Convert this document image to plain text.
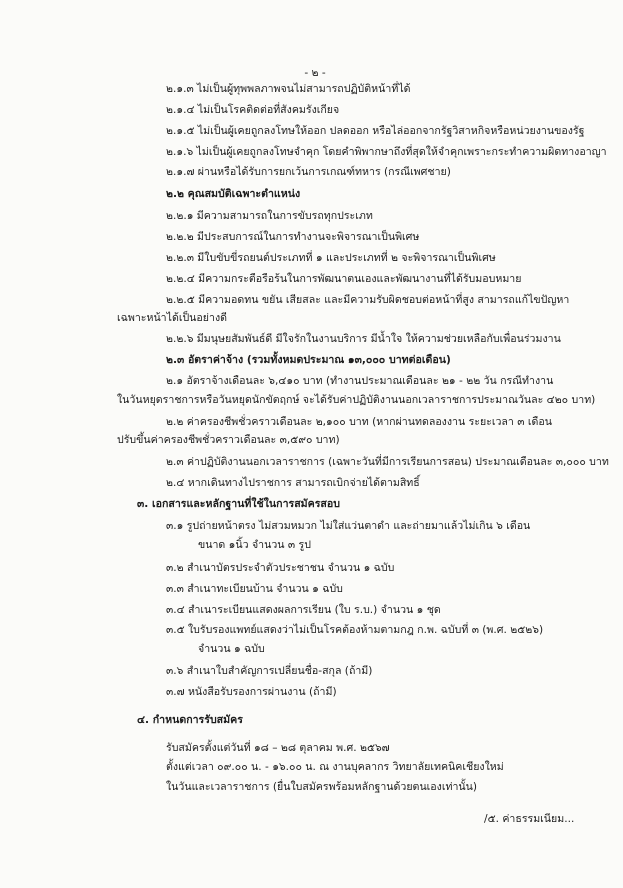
- ๒ -
๒.๑.๓ ไม่เป็นผู้ทุพพลภาพจนไม่สามารถปฏิบัติหน้าที่ได้
๒.๑.๔ ไม่เป็นโรคติดต่อที่สังคมรังเกียจ
๒.๑.๕ ไม่เป็นผู้เคยถูกลงโทษให้ออก ปลดออก หรือไล่ออกจากรัฐวิสาหกิจหรือหน่วยงานของรัฐ
๒.๑.๖ ไม่เป็นผู้เคยถูกลงโทษจำคุก โดยคำพิพากษาถึงที่สุดให้จำคุกเพราะกระทำความผิดทางอาญา
๒.๑.๗ ผ่านหรือได้รับการยกเว้นการเกณฑ์ทหาร (กรณีเพศชาย)
๒.๒ คุณสมบัติเฉพาะตำแหน่ง
๒.๒.๑ มีความสามารถในการขับรถทุกประเภท
๒.๒.๒ มีประสบการณ์ในการทำงานจะพิจารณาเป็นพิเศษ
๒.๒.๓ มีใบขับขี่รถยนต์ประเภทที่ ๑ และประเภทที่ ๒ จะพิจารณาเป็นพิเศษ
๒.๒.๔ มีความกระตือรือร้นในการพัฒนาตนเองและพัฒนางานที่ได้รับมอบหมาย
๒.๒.๕ มีความอดทน ขยัน เสียสละ และมีความรับผิดชอบต่อหน้าที่สูง สามารถแก้ไขปัญหา
เฉพาะหน้าได้เป็นอย่างดี
๒.๒.๖ มีมนุษยสัมพันธ์ดี มีใจรักในงานบริการ มีน้ำใจ ให้ความช่วยเหลือกับเพื่อนร่วมงาน
๒.๓ อัตราค่าจ้าง (รวมทั้งหมดประมาณ ๑๓,๐๐๐ บาทต่อเดือน)
๒.๑ อัตราจ้างเดือนละ ๖,๔๑๐ บาท (ทำงานประมาณเดือนละ ๒๑ - ๒๒ วัน กรณีทำงาน
ในวันหยุดราชการหรือวันหยุดนักขัตฤกษ์ จะได้รับค่าปฏิบัติงานนอกเวลาราชการประมาณวันละ ๔๒๐ บาท)
๒.๒ ค่าครองชีพชั่วคราวเดือนละ ๒,๑๐๐ บาท (หากผ่านทดลองงาน ระยะเวลา ๓ เดือน
ปรับขึ้นค่าครองชีพชั่วคราวเดือนละ ๓,๕๙๐ บาท)
๒.๓ ค่าปฏิบัติงานนอกเวลาราชการ (เฉพาะวันที่มีการเรียนการสอน) ประมาณเดือนละ ๓,๐๐๐ บาท
๒.๔ หากเดินทางไปราชการ สามารถเบิกจ่ายได้ตามสิทธิ์
๓. เอกสารและหลักฐานที่ใช้ในการสมัครสอบ
๓.๑ รูปถ่ายหน้าตรง ไม่สวมหมวก ไม่ใส่แว่นตาดำ และถ่ายมาแล้วไม่เกิน ๖ เดือน
ขนาด ๑นิ้ว จำนวน ๓ รูป
๓.๒ สำเนาบัตรประจำตัวประชาชน จำนวน ๑ ฉบับ
๓.๓ สำเนาทะเบียนบ้าน จำนวน ๑ ฉบับ
๓.๔ สำเนาระเบียนแสดงผลการเรียน (ใบ ร.บ.) จำนวน ๑ ชุด
๓.๕ ใบรับรองแพทย์แสดงว่าไม่เป็นโรคต้องห้ามตามกฎ ก.พ. ฉบับที่ ๓ (พ.ศ. ๒๕๒๖)
จำนวน ๑ ฉบับ
๓.๖ สำเนาใบสำคัญการเปลี่ยนชื่อ-สกุล (ถ้ามี)
๓.๗ หนังสือรับรองการผ่านงาน (ถ้ามี)
๔. กำหนดการรับสมัคร
รับสมัครตั้งแต่วันที่ ๑๘ – ๒๘ ตุลาคม พ.ศ. ๒๕๖๗
ตั้งแต่เวลา ๐๙.๐๐ น. - ๑๖.๐๐ น. ณ งานบุคลากร วิทยาลัยเทคนิคเชียงใหม่
ในวันและเวลาราชการ (ยื่นใบสมัครพร้อมหลักฐานด้วยตนเองเท่านั้น)
/๕. ค่าธรรมเนียม...
